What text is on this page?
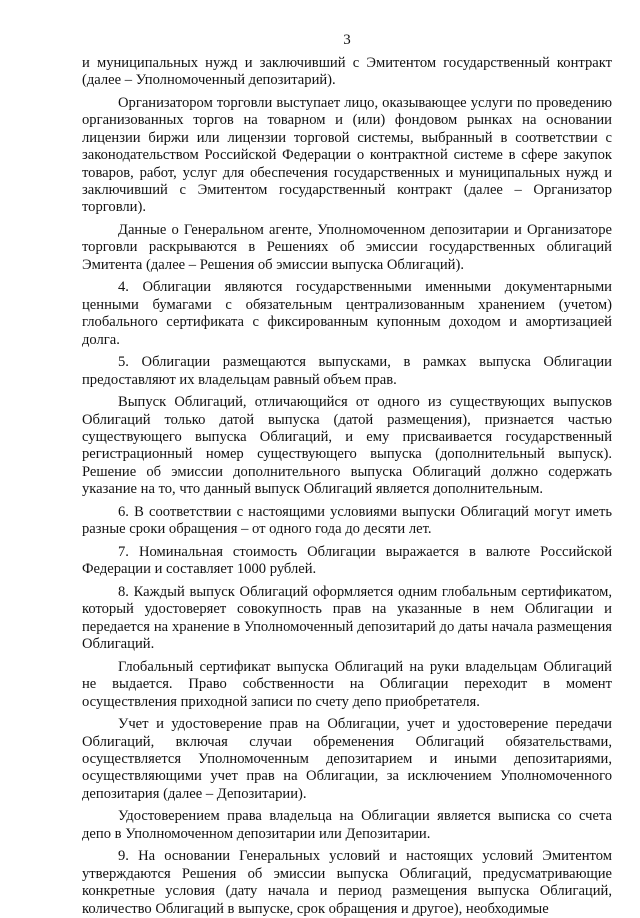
3

и муниципальных нужд и заключивший с Эмитентом государственный контракт (далее – Уполномоченный депозитарий).

Организатором торговли выступает лицо, оказывающее услуги по проведению организованных торгов на товарном и (или) фондовом рынках на основании лицензии биржи или лицензии торговой системы, выбранный в соответствии с законодательством Российской Федерации о контрактной системе в сфере закупок товаров, работ, услуг для обеспечения государственных и муниципальных нужд и заключивший с Эмитентом государственный контракт (далее – Организатор торговли).

Данные о Генеральном агенте, Уполномоченном депозитарии и Организаторе торговли раскрываются в Решениях об эмиссии государственных облигаций Эмитента (далее – Решения об эмиссии выпуска Облигаций).

4. Облигации являются государственными именными документарными ценными бумагами с обязательным централизованным хранением (учетом) глобального сертификата с фиксированным купонным доходом и амортизацией долга.

5. Облигации размещаются выпусками, в рамках выпуска Облигации предоставляют их владельцам равный объем прав.

Выпуск Облигаций, отличающийся от одного из существующих выпусков Облигаций только датой выпуска (датой размещения), признается частью существующего выпуска Облигаций, и ему присваивается государственный регистрационный номер существующего выпуска (дополнительный выпуск). Решение об эмиссии дополнительного выпуска Облигаций должно содержать указание на то, что данный выпуск Облигаций является дополнительным.

6. В соответствии с настоящими условиями выпуски Облигаций могут иметь разные сроки обращения – от одного года до десяти лет.

7. Номинальная стоимость Облигации выражается в валюте Российской Федерации и составляет 1000 рублей.

8. Каждый выпуск Облигаций оформляется одним глобальным сертификатом, который удостоверяет совокупность прав на указанные в нем Облигации и передается на хранение в Уполномоченный депозитарий до даты начала размещения Облигаций.

Глобальный сертификат выпуска Облигаций на руки владельцам Облигаций не выдается. Право собственности на Облигации переходит в момент осуществления приходной записи по счету депо приобретателя.

Учет и удостоверение прав на Облигации, учет и удостоверение передачи Облигаций, включая случаи обременения Облигаций обязательствами, осуществляется Уполномоченным депозитарием и иными депозитариями, осуществляющими учет прав на Облигации, за исключением Уполномоченного депозитария (далее – Депозитарии).

Удостоверением права владельца на Облигации является выписка со счета депо в Уполномоченном депозитарии или Депозитарии.

9. На основании Генеральных условий и настоящих условий Эмитентом утверждаются Решения об эмиссии выпуска Облигаций, предусматривающие конкретные условия (дату начала и период размещения выпуска Облигаций, количество Облигаций в выпуске, срок обращения и другое), необходимые
